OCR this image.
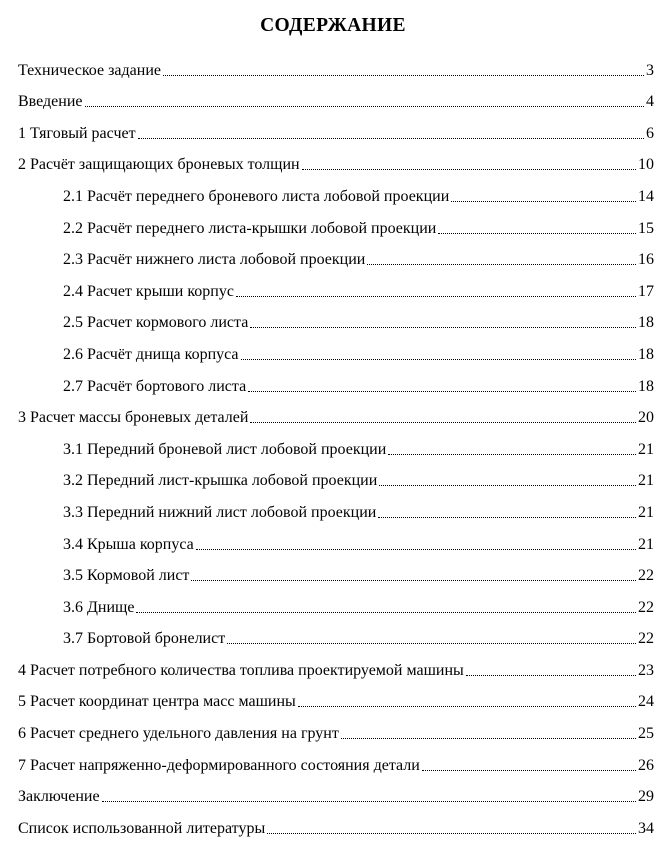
СОДЕРЖАНИЕ
Техническое задание	3
Введение	4
1 Тяговый расчет	6
2 Расчёт защищающих броневых толщин	10
2.1 Расчёт переднего броневого листа лобовой проекции	14
2.2 Расчёт переднего листа-крышки лобовой проекции	15
2.3 Расчёт нижнего листа лобовой проекции	16
2.4 Расчет крыши корпус	17
2.5 Расчет кормового листа	18
2.6 Расчёт днища корпуса	18
2.7 Расчёт бортового листа	18
3 Расчет массы броневых деталей	20
3.1 Передний броневой лист лобовой проекции	21
3.2 Передний лист-крышка лобовой проекции	21
3.3 Передний нижний лист лобовой проекции	21
3.4 Крыша корпуса	21
3.5 Кормовой лист	22
3.6 Днище	22
3.7 Бортовой бронелист	22
4 Расчет потребного количества топлива проектируемой машины	23
5 Расчет координат центра масс машины	24
6 Расчет среднего удельного давления на грунт	25
7 Расчет напряженно-деформированного состояния детали	26
Заключение	29
Список использованной литературы	34
